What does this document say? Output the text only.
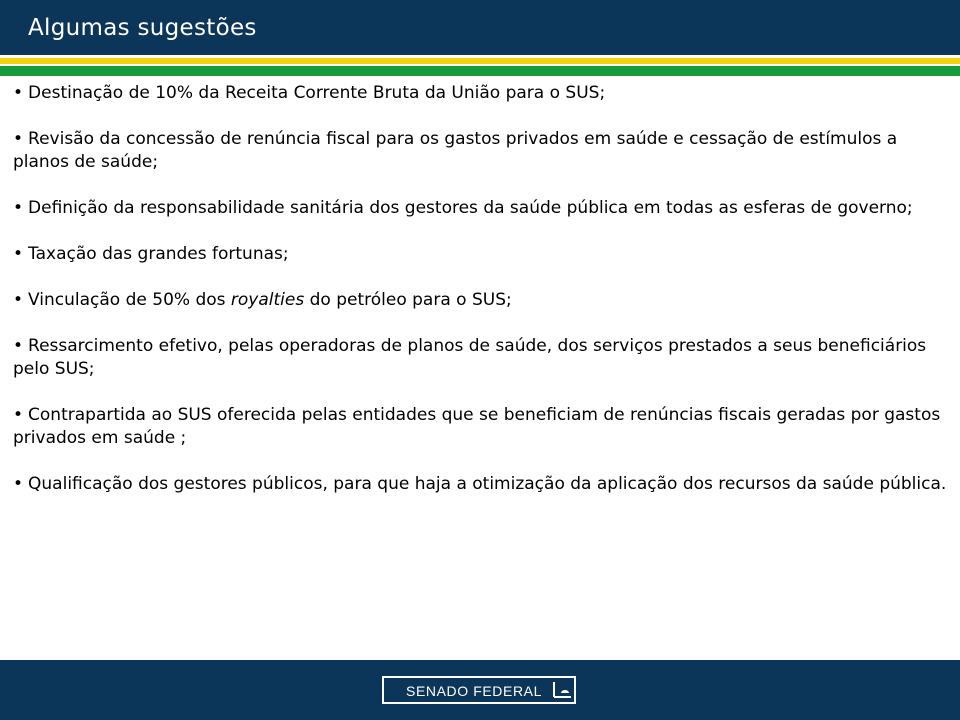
Algumas sugestões

• Destinação de 10% da Receita Corrente Bruta da União para o SUS;

• Revisão da concessão de renúncia fiscal para os gastos privados em saúde e cessação de estímulos a planos de saúde;

• Definição da responsabilidade sanitária dos gestores da saúde pública em todas as esferas de governo;

• Taxação das grandes fortunas;

• Vinculação de 50% dos royalties do petróleo para o SUS;

• Ressarcimento efetivo, pelas operadoras de planos de saúde, dos serviços prestados a seus beneficiários pelo SUS;

• Contrapartida ao SUS oferecida pelas entidades que se beneficiam de renúncias fiscais geradas por gastos privados em saúde ;

• Qualificação dos gestores públicos, para que haja a otimização da aplicação dos recursos da saúde pública.

SENADO FEDERAL
